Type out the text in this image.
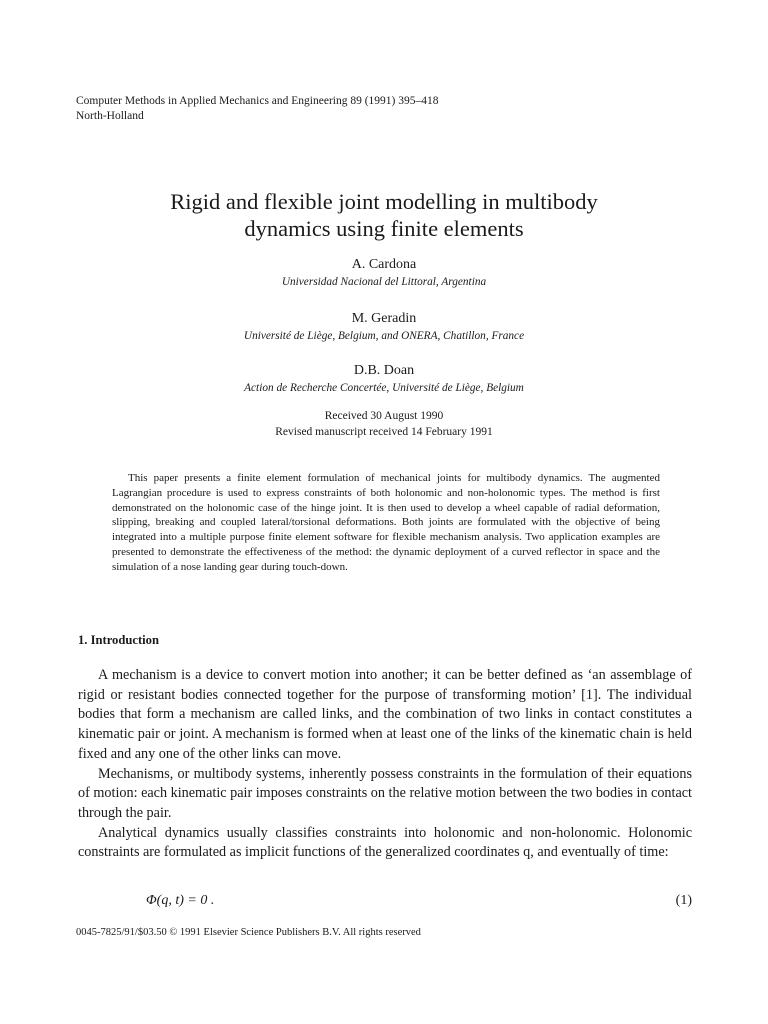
Computer Methods in Applied Mechanics and Engineering 89 (1991) 395–418
North-Holland
Rigid and flexible joint modelling in multibody
dynamics using finite elements
A. Cardona
Universidad Nacional del Littoral, Argentina
M. Geradin
Université de Liège, Belgium, and ONERA, Chatillon, France
D.B. Doan
Action de Recherche Concertée, Université de Liège, Belgium
Received 30 August 1990
Revised manuscript received 14 February 1991
This paper presents a finite element formulation of mechanical joints for multibody dynamics. The augmented Lagrangian procedure is used to express constraints of both holonomic and non-holonomic types. The method is first demonstrated on the holonomic case of the hinge joint. It is then used to develop a wheel capable of radial deformation, slipping, breaking and coupled lateral/torsional deformations. Both joints are formulated with the objective of being integrated into a multiple purpose finite element software for flexible mechanism analysis. Two application examples are presented to demonstrate the effectiveness of the method: the dynamic deployment of a curved reflector in space and the simulation of a nose landing gear during touch-down.
1. Introduction

A mechanism is a device to convert motion into another; it can be better defined as ‘an assemblage of rigid or resistant bodies connected together for the purpose of transforming motion’ [1]. The individual bodies that form a mechanism are called links, and the combination of two links in contact constitutes a kinematic pair or joint. A mechanism is formed when at least one of the links of the kinematic chain is held fixed and any one of the other links can move.

Mechanisms, or multibody systems, inherently possess constraints in the formulation of their equations of motion: each kinematic pair imposes constraints on the relative motion between the two bodies in contact through the pair.

Analytical dynamics usually classifies constraints into holonomic and non-holonomic. Holonomic constraints are formulated as implicit functions of the generalized coordinates q, and eventually of time:

Φ(q, t) = 0 .	(1)
0045-7825/91/$03.50 © 1991 Elsevier Science Publishers B.V. All rights reserved
